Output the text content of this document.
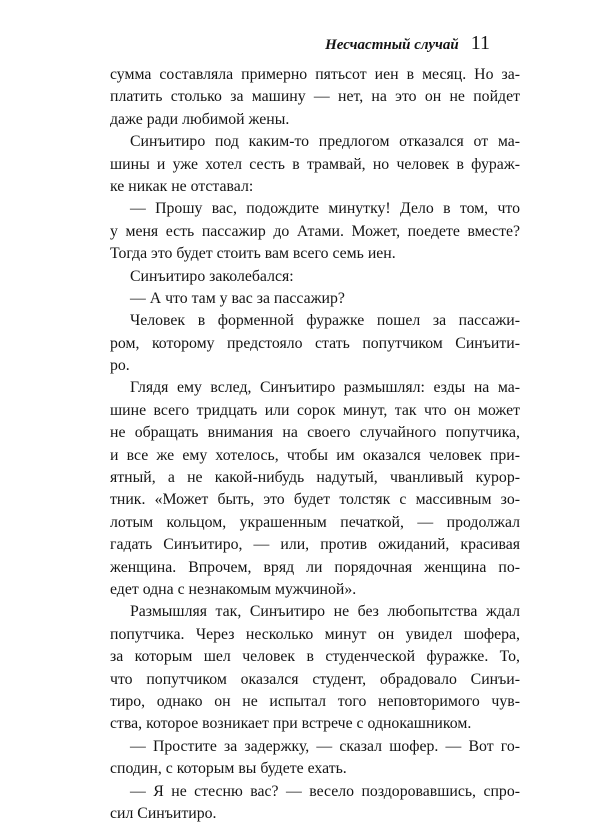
Несчастный случай 11
сумма составляла примерно пятьсот иен в месяц. Но за-
платить столько за машину — нет, на это он не пойдет
даже ради любимой жены.
Синъитиро под каким-то предлогом отказался от ма-
шины и уже хотел сесть в трамвай, но человек в фураж-
ке никак не отставал:
— Прошу вас, подождите минутку! Дело в том, что
у меня есть пассажир до Атами. Может, поедете вместе?
Тогда это будет стоить вам всего семь иен.
Синъитиро заколебался:
— А что там у вас за пассажир?
Человек в форменной фуражке пошел за пассажи-
ром, которому предстояло стать попутчиком Синъити-
ро.
Глядя ему вслед, Синъитиро размышлял: езды на ма-
шине всего тридцать или сорок минут, так что он может
не обращать внимания на своего случайного попутчика,
и все же ему хотелось, чтобы им оказался человек при-
ятный, а не какой-нибудь надутый, чванливый курор-
тник. «Может быть, это будет толстяк с массивным зо-
лотым кольцом, украшенным печаткой, — продолжал
гадать Синъитиро, — или, против ожиданий, красивая
женщина. Впрочем, вряд ли порядочная женщина по-
едет одна с незнакомым мужчиной».
Размышляя так, Синъитиро не без любопытства ждал
попутчика. Через несколько минут он увидел шофера,
за которым шел человек в студенческой фуражке. То,
что попутчиком оказался студент, обрадовало Синъи-
тиро, однако он не испытал того неповторимого чув-
ства, которое возникает при встрече с однокашником.
— Простите за задержку, — сказал шофер. — Вот го-
сподин, с которым вы будете ехать.
— Я не стесню вас? — весело поздоровавшись, спро-
сил Синъитиро.
